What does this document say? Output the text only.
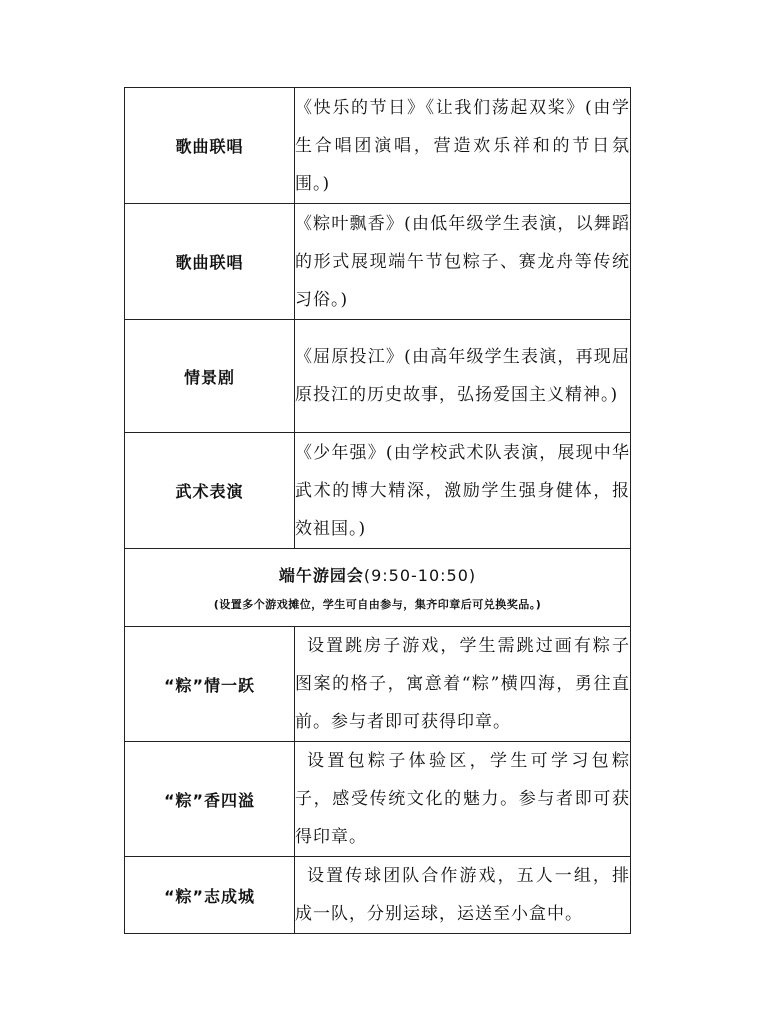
歌曲联唱	《快乐的节日》《让我们荡起双桨》(由学生合唱团演唱，营造欢乐祥和的节日氛围。)
歌曲联唱	《粽叶飘香》(由低年级学生表演，以舞蹈的形式展现端午节包粽子、赛龙舟等传统习俗。)
情景剧	《屈原投江》(由高年级学生表演，再现屈原投江的历史故事，弘扬爱国主义精神。)
武术表演	《少年强》(由学校武术队表演，展现中华武术的博大精深，激励学生强身健体，报效祖国。)

端午游园会(9:50-10:50)
(设置多个游戏摊位，学生可自由参与，集齐印章后可兑换奖品。)	

“粽”情一跃	设置跳房子游戏，学生需跳过画有粽子图案的格子，寓意着“粽”横四海，勇往直前。参与者即可获得印章。
“粽”香四溢	设置包粽子体验区，学生可学习包粽子，感受传统文化的魅力。参与者即可获得印章。
“粽”志成城	设置传球团队合作游戏，五人一组，排成一队，分别运球，运送至小盒中。
